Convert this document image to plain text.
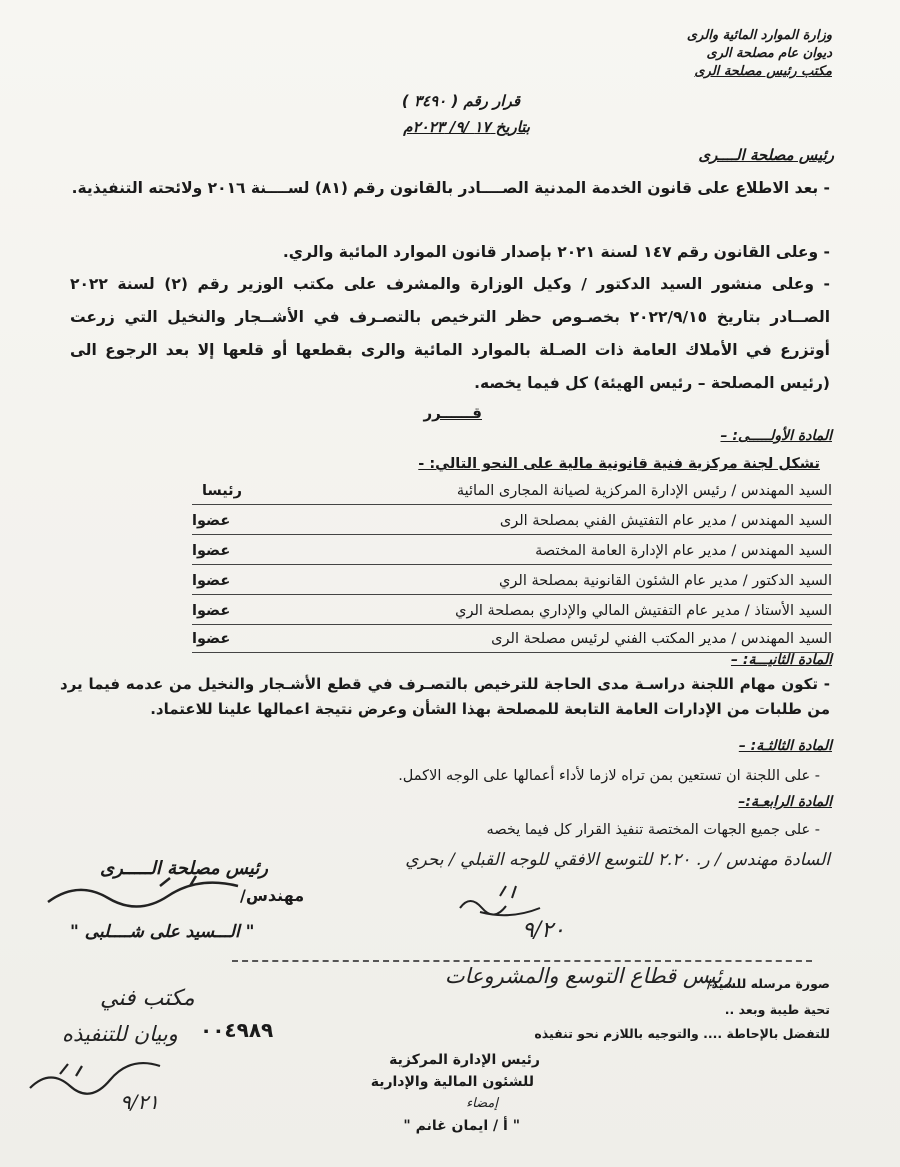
وزارة الموارد المائية والرى
ديوان عام مصلحة الرى
مكتب رئيس مصلحة الرى
قرار رقم ( ٣٤٩٠ )
بتاريخ ١٧ /٩/ ٢٠٢٣م
رئيس مصلحة الــــرى
- بعد الاطلاع على قانون الخدمة المدنية الصــــادر بالقانون رقم (٨١) لســــنة ٢٠١٦ ولائحته التنفيذية.
- وعلى القانون رقم ١٤٧ لسنة ٢٠٢١ بإصدار قانون الموارد المائية والري.
- وعلى منشور السيد الدكتور / وكيل الوزارة والمشرف على مكتب الوزير رقم (٢) لسنة ٢٠٢٢ الصــادر بتاريخ ٢٠٢٢/٩/١٥ بخصـوص حظر الترخيص بالتصـرف في الأشــجار والنخيل التي زرعت أوتزرع في الأملاك العامة ذات الصـلة بالموارد المائية والرى بقطعها أو قلعها إلا بعد الرجوع الى (رئيس المصلحة – رئيس الهيئة) كل فيما يخصه.
قــــــرر
المادة الأولـــــى: –
تشكل لجنة مركزية فنية قانونية مالية على النحو التالي: -
السيد المهندس / رئيس الإدارة المركزية لصيانة المجارى المائية
رئيسا
السيد المهندس / مدير عام التفتيش الفني بمصلحة الرى
عضوا
السيد المهندس / مدير عام الإدارة العامة المختصة
عضوا
السيد الدكتور / مدير عام الشئون القانونية بمصلحة الري
عضوا
السيد الأستاذ / مدير عام التفتيش المالي والإداري بمصلحة الري
عضوا
السيد المهندس / مدير المكتب الفني لرئيس مصلحة الرى
عضوا
المادة الثانيـــة: –
- تكون مهام اللجنة دراسـة مدى الحاجة للترخيص بالتصـرف في قطع الأشـجار والنخيل من عدمه فيما يرد من طلبات من الإدارات العامة التابعة للمصلحة بهذا الشأن وعرض نتيجة اعمالها علينا للاعتماد.
المادة الثالثـة: –
- على اللجنة ان تستعين بمن تراه لازما لأداء أعمالها على الوجه الاكمل.
المادة الرابعـة:–
- على جميع الجهات المختصة تنفيذ القرار كل فيما يخصه
السادة مهندس / ر. ٢.٢٠ للتوسع الافقي للوجه القبلي / بحري
٩/٢٠
رئيس مصلحة الـــــرى
مهندس/
" الـــسيد على شــــلبى "
صورة مرسله للسيد/
رئيس قطاع التوسع والمشروعات
تحية طيبة وبعد ..
للتفضل بالإحاطة .... والتوجيه باللازم نحو تنفيذه
رئيس الإدارة المركزية
للشئون المالية والإدارية
إمضاء
" أ / ايمان غانم "
مكتب فني
٠٠٤٩٨٩
وبيان للتنفيذه
٩/٢١
